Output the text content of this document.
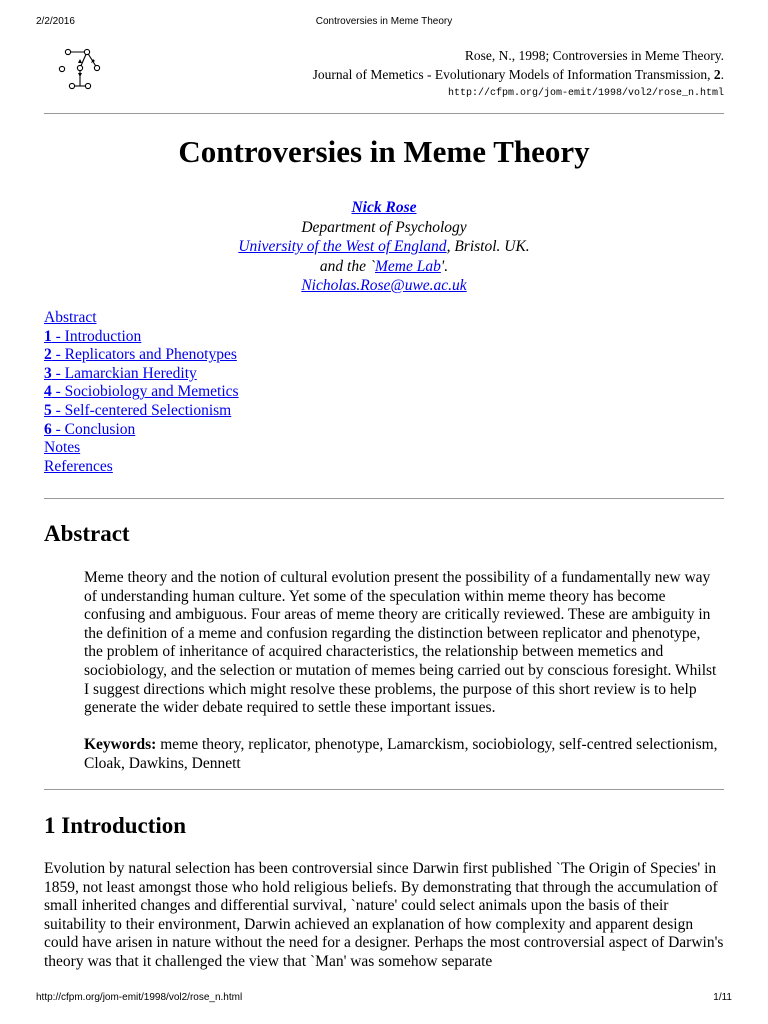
2/2/2016	Controversies in Meme Theory
Rose, N., 1998; Controversies in Meme Theory.
Journal of Memetics - Evolutionary Models of Information Transmission, 2.
http://cfpm.org/jom-emit/1998/vol2/rose_n.html
Controversies in Meme Theory
Nick Rose
Department of Psychology
University of the West of England, Bristol. UK.
and the `Meme Lab'.
Nicholas.Rose@uwe.ac.uk
Abstract
1 - Introduction
2 - Replicators and Phenotypes
3 - Lamarckian Heredity
4 - Sociobiology and Memetics
5 - Self-centered Selectionism
6 - Conclusion
Notes
References
Abstract

Meme theory and the notion of cultural evolution present the possibility of a fundamentally new way of understanding human culture. Yet some of the speculation within meme theory has become confusing and ambiguous. Four areas of meme theory are critically reviewed. These are ambiguity in the definition of a meme and confusion regarding the distinction between replicator and phenotype, the problem of inheritance of acquired characteristics, the relationship between memetics and sociobiology, and the selection or mutation of memes being carried out by conscious foresight. Whilst I suggest directions which might resolve these problems, the purpose of this short review is to help generate the wider debate required to settle these important issues.

Keywords: meme theory, replicator, phenotype, Lamarckism, sociobiology, self-centred selectionism, Cloak, Dawkins, Dennett

1 Introduction

Evolution by natural selection has been controversial since Darwin first published `The Origin of Species' in 1859, not least amongst those who hold religious beliefs. By demonstrating that through the accumulation of small inherited changes and differential survival, `nature' could select animals upon the basis of their suitability to their environment, Darwin achieved an explanation of how complexity and apparent design could have arisen in nature without the need for a designer. Perhaps the most controversial aspect of Darwin's theory was that it challenged the view that `Man' was somehow separate

http://cfpm.org/jom-emit/1998/vol2/rose_n.html	1/11
